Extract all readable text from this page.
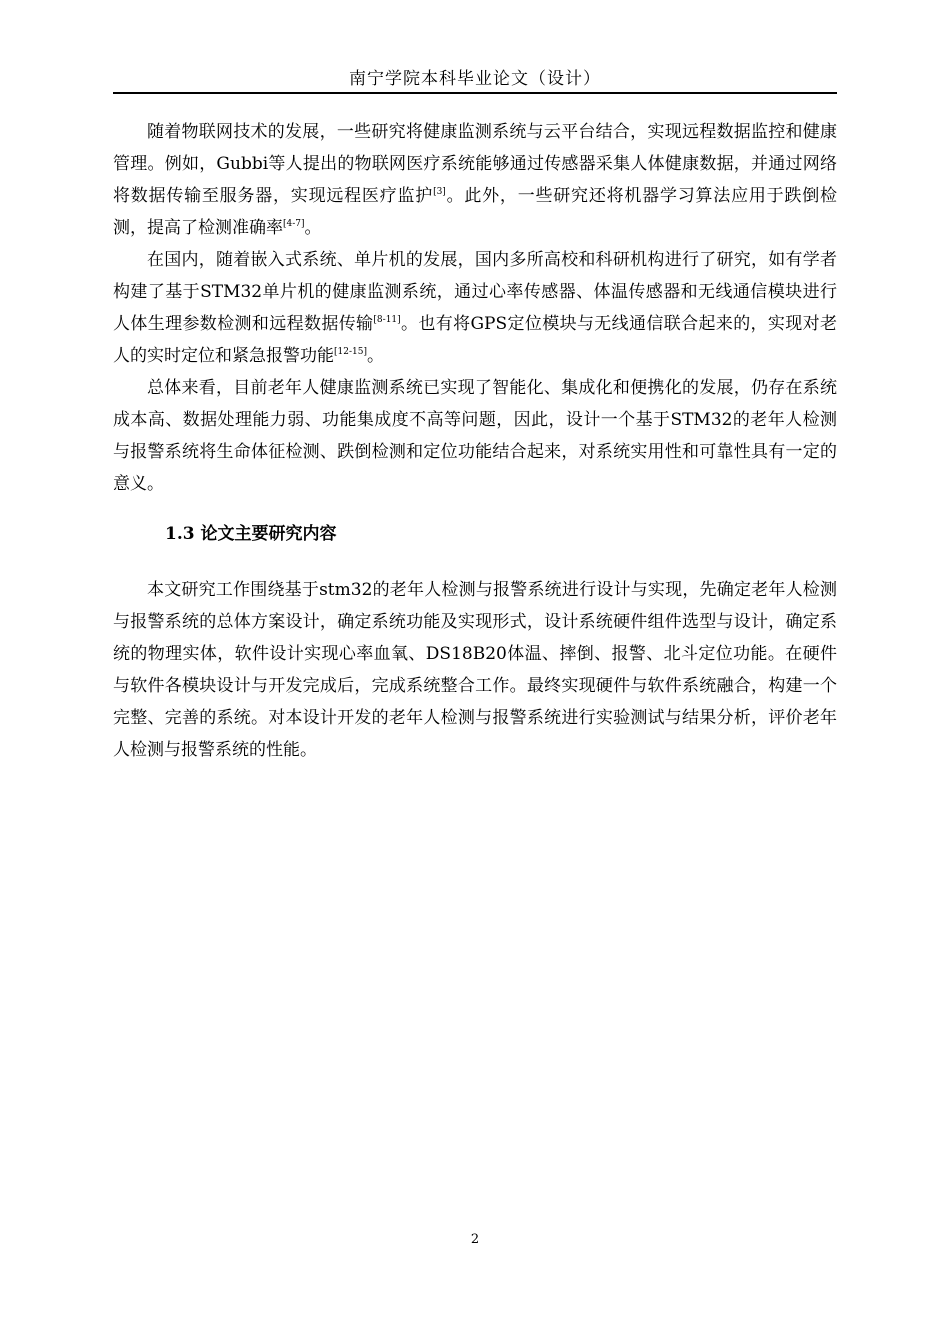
南宁学院本科毕业论文（设计）

随着物联网技术的发展，一些研究将健康监测系统与云平台结合，实现远程数据监控和健康管理。例如，Gubbi等人提出的物联网医疗系统能够通过传感器采集人体健康数据，并通过网络将数据传输至服务器，实现远程医疗监护[3]。此外，一些研究还将机器学习算法应用于跌倒检测，提高了检测准确率[4-7]。

在国内，随着嵌入式系统、单片机的发展，国内多所高校和科研机构进行了研究，如有学者构建了基于STM32单片机的健康监测系统，通过心率传感器、体温传感器和无线通信模块进行人体生理参数检测和远程数据传输[8-11]。也有将GPS定位模块与无线通信联合起来的，实现对老人的实时定位和紧急报警功能[12-15]。

总体来看，目前老年人健康监测系统已实现了智能化、集成化和便携化的发展，仍存在系统成本高、数据处理能力弱、功能集成度不高等问题，因此，设计一个基于STM32的老年人检测与报警系统将生命体征检测、跌倒检测和定位功能结合起来，对系统实用性和可靠性具有一定的意义。

1.3 论文主要研究内容

本文研究工作围绕基于stm32的老年人检测与报警系统进行设计与实现，先确定老年人检测与报警系统的总体方案设计，确定系统功能及实现形式，设计系统硬件组件选型与设计，确定系统的物理实体，软件设计实现心率血氧、DS18B20体温、摔倒、报警、北斗定位功能。在硬件与软件各模块设计与开发完成后，完成系统整合工作。最终实现硬件与软件系统融合，构建一个完整、完善的系统。对本设计开发的老年人检测与报警系统进行实验测试与结果分析，评价老年人检测与报警系统的性能。

2
